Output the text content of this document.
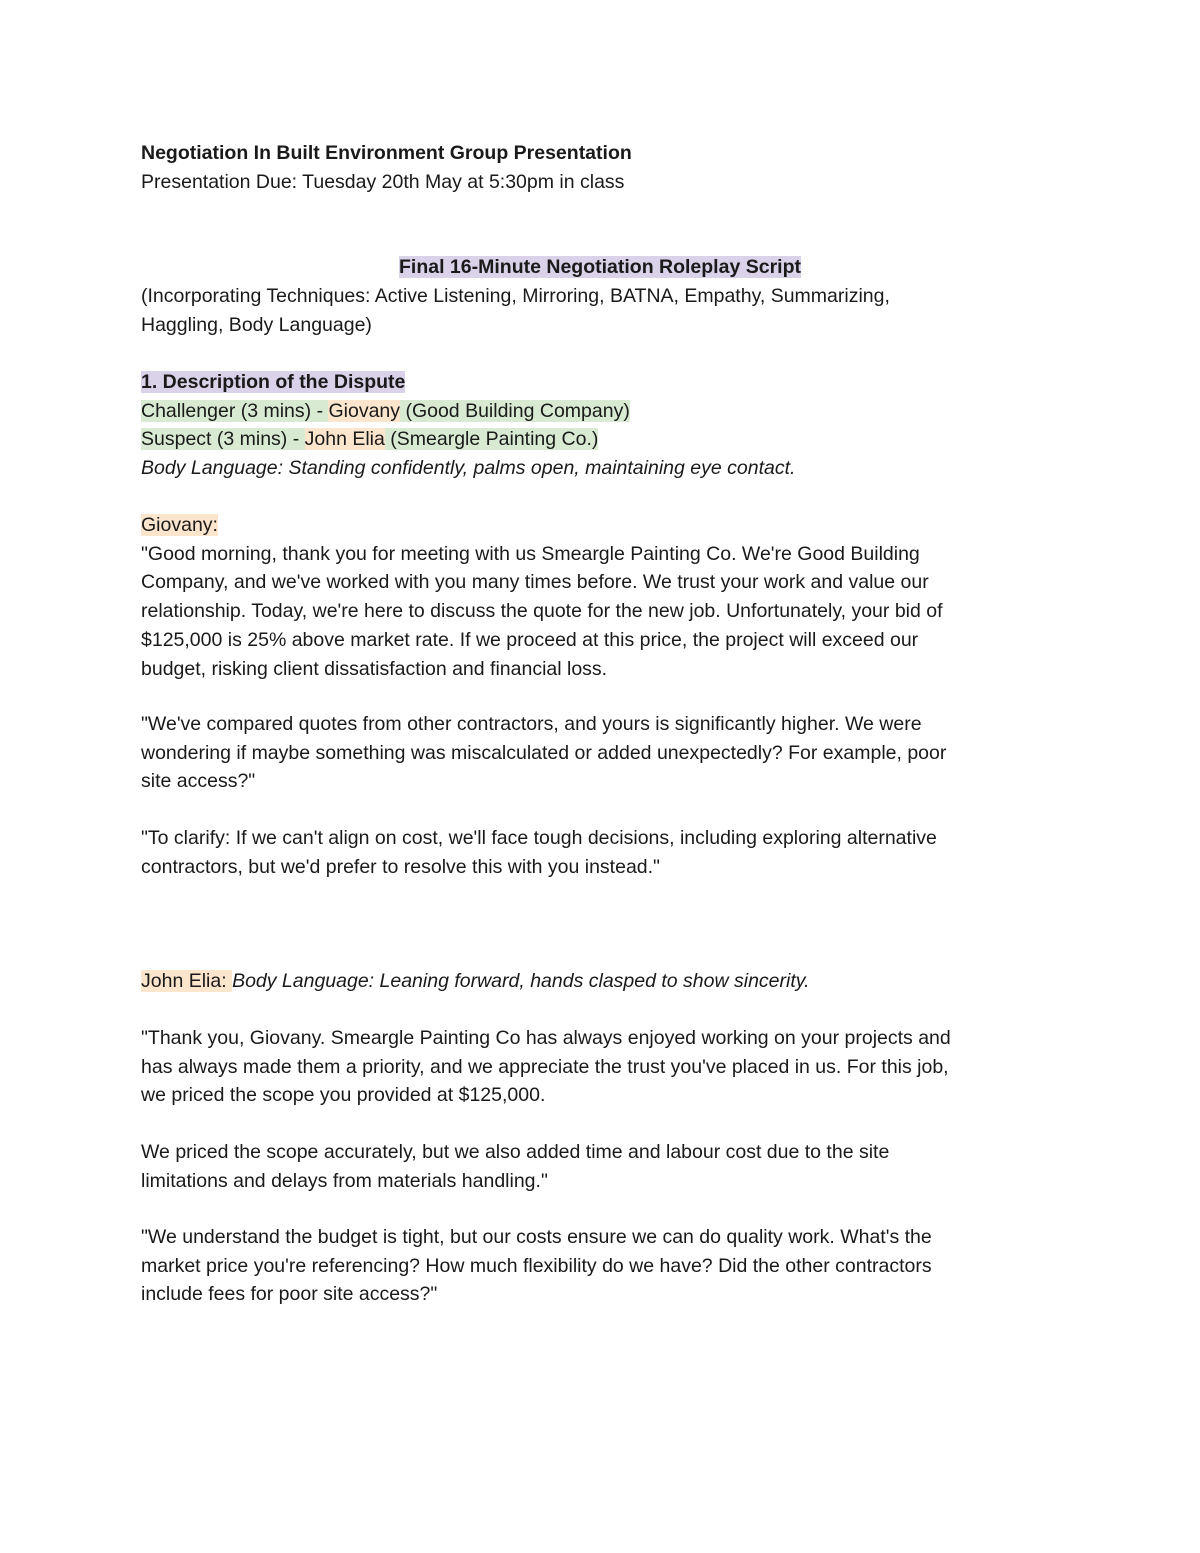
Negotiation In Built Environment Group Presentation
Presentation Due: Tuesday 20th May at 5:30pm in class
Final 16-Minute Negotiation Roleplay Script
(Incorporating Techniques: Active Listening, Mirroring, BATNA, Empathy, Summarizing,
Haggling, Body Language)
1. Description of the Dispute
Challenger (3 mins) - Giovany (Good Building Company)
Suspect (3 mins) - John Elia (Smeargle Painting Co.)
Body Language: Standing confidently, palms open, maintaining eye contact.
Giovany:
"Good morning, thank you for meeting with us Smeargle Painting Co. We're Good Building
Company, and we've worked with you many times before. We trust your work and value our
relationship. Today, we're here to discuss the quote for the new job. Unfortunately, your bid of
$125,000 is 25% above market rate. If we proceed at this price, the project will exceed our
budget, risking client dissatisfaction and financial loss.
"We've compared quotes from other contractors, and yours is significantly higher. We were
wondering if maybe something was miscalculated or added unexpectedly? For example, poor
site access?"
"To clarify: If we can't align on cost, we'll face tough decisions, including exploring alternative
contractors, but we'd prefer to resolve this with you instead."
John Elia: Body Language: Leaning forward, hands clasped to show sincerity.
"Thank you, Giovany. Smeargle Painting Co has always enjoyed working on your projects and
has always made them a priority, and we appreciate the trust you've placed in us. For this job,
we priced the scope you provided at $125,000.
We priced the scope accurately, but we also added time and labour cost due to the site
limitations and delays from materials handling."
"We understand the budget is tight, but our costs ensure we can do quality work. What's the
market price you're referencing? How much flexibility do we have? Did the other contractors
include fees for poor site access?"
